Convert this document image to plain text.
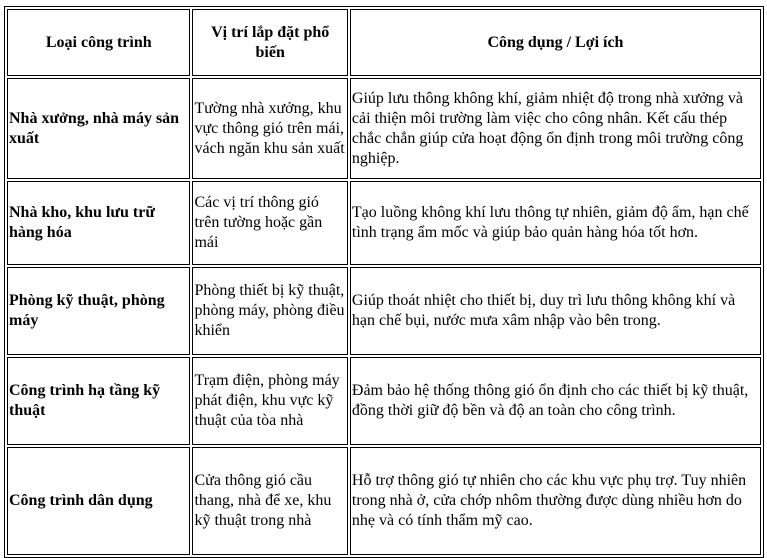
Loại công trình	Vị trí lắp đặt phổ biến	Công dụng / Lợi ích
Nhà xưởng, nhà máy sản xuất	Tường nhà xưởng, khu vực thông gió trên mái, vách ngăn khu sản xuất	Giúp lưu thông không khí, giảm nhiệt độ trong nhà xưởng và cải thiện môi trường làm việc cho công nhân. Kết cấu thép chắc chắn giúp cửa hoạt động ổn định trong môi trường công nghiệp.
Nhà kho, khu lưu trữ hàng hóa	Các vị trí thông gió trên tường hoặc gần mái	Tạo luồng không khí lưu thông tự nhiên, giảm độ ẩm, hạn chế tình trạng ẩm mốc và giúp bảo quản hàng hóa tốt hơn.
Phòng kỹ thuật, phòng máy	Phòng thiết bị kỹ thuật, phòng máy, phòng điều khiển	Giúp thoát nhiệt cho thiết bị, duy trì lưu thông không khí và hạn chế bụi, nước mưa xâm nhập vào bên trong.
Công trình hạ tầng kỹ thuật	Trạm điện, phòng máy phát điện, khu vực kỹ thuật của tòa nhà	Đảm bảo hệ thống thông gió ổn định cho các thiết bị kỹ thuật, đồng thời giữ độ bền và độ an toàn cho công trình.
Công trình dân dụng	Cửa thông gió cầu thang, nhà để xe, khu kỹ thuật trong nhà	Hỗ trợ thông gió tự nhiên cho các khu vực phụ trợ. Tuy nhiên trong nhà ở, cửa chớp nhôm thường được dùng nhiều hơn do nhẹ và có tính thẩm mỹ cao.
